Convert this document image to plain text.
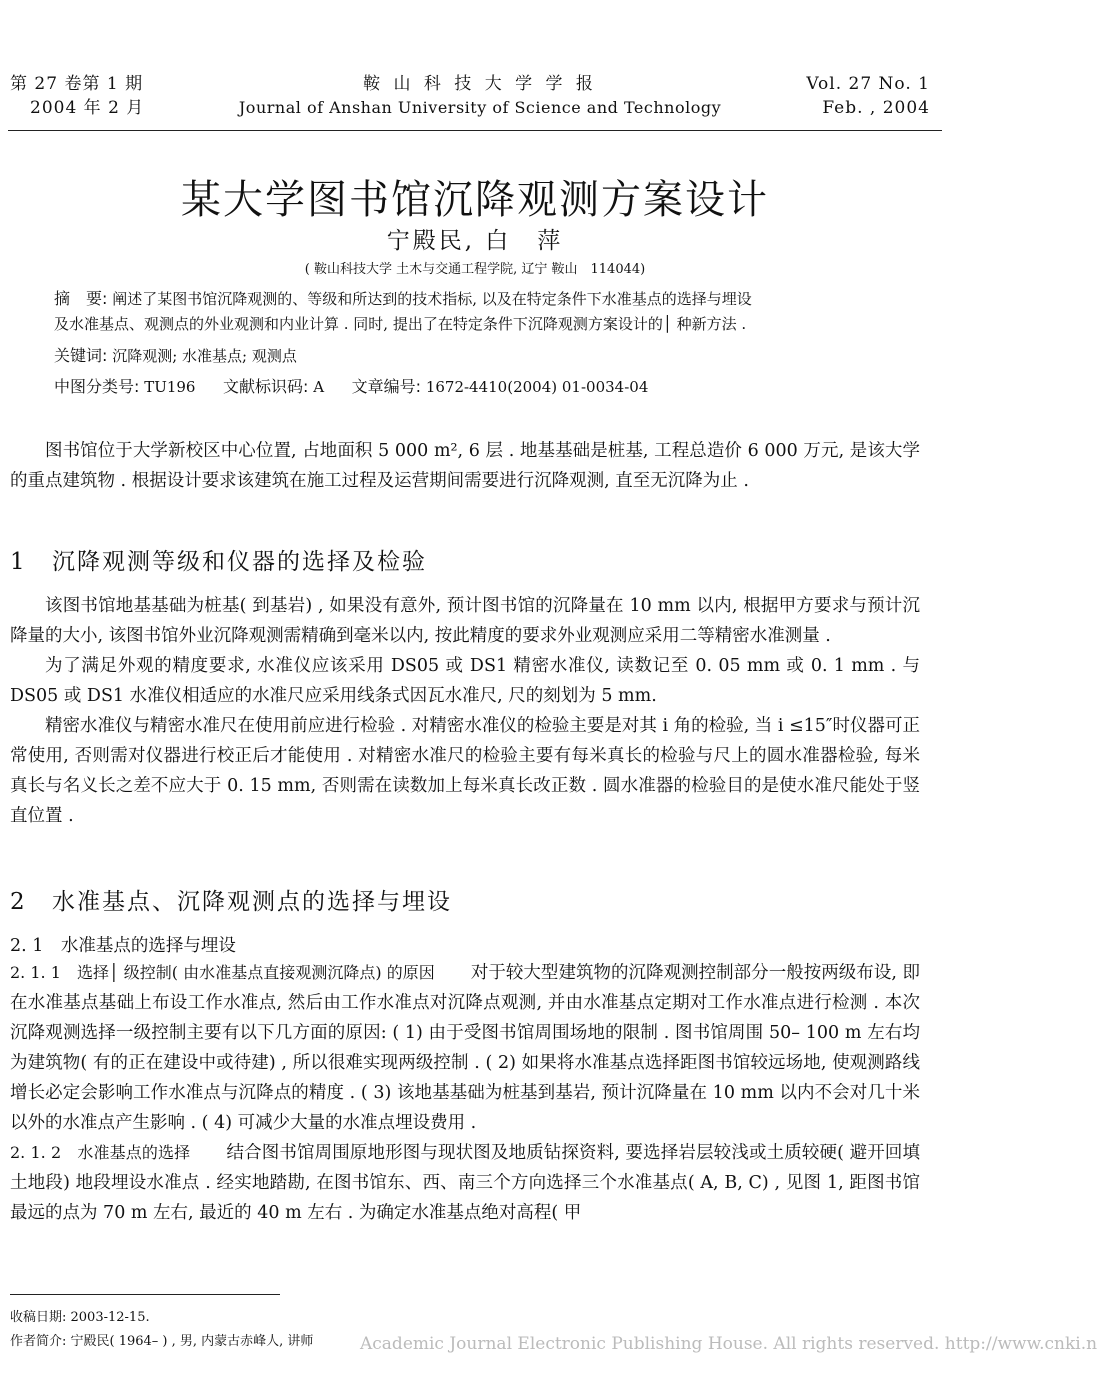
第 27 卷第 1 期
2004 年 2 月
鞍 山 科 技 大 学 学 报
Journal of Anshan University of Science and Technology
Vol. 27 No. 1
Feb. , 2004
某大学图书馆沉降观测方案设计
宁殿民, 白　萍
( 鞍山科技大学 土木与交通工程学院, 辽宁 鞍山　114044)
摘　要: 阐述了某图书馆沉降观测的、等级和所达到的技术指标, 以及在特定条件下水准基点的选择与埋设
及水准基点、观测点的外业观测和内业计算 . 同时, 提出了在特定条件下沉降观测方案设计的│ 种新方法 .
关键词: 沉降观测; 水准基点; 观测点
中图分类号: TU196 文献标识码: A 文章编号: 1672-4410(2004) 01-0034-04

图书馆位于大学新校区中心位置, 占地面积 5 000 m², 6 层 . 地基基础是桩基, 工程总造价 6 000 万元, 是该大学的重点建筑物 . 根据设计要求该建筑在施工过程及运营期间需要进行沉降观测, 直至无沉降为止 .

1 沉降观测等级和仪器的选择及检验

该图书馆地基基础为桩基( 到基岩) , 如果没有意外, 预计图书馆的沉降量在 10 mm 以内, 根据甲方要求与预计沉降量的大小, 该图书馆外业沉降观测需精确到毫米以内, 按此精度的要求外业观测应采用二等精密水准测量 .

为了满足外观的精度要求, 水准仪应该采用 DS05 或 DS1 精密水准仪, 读数记至 0. 05 mm 或 0. 1 mm . 与 DS05 或 DS1 水准仪相适应的水准尺应采用线条式因瓦水准尺, 尺的刻划为 5 mm.

精密水准仪与精密水准尺在使用前应进行检验 . 对精密水准仪的检验主要是对其 i 角的检验, 当 i ≤15″时仪器可正常使用, 否则需对仪器进行校正后才能使用 . 对精密水准尺的检验主要有每米真长的检验与尺上的圆水准器检验, 每米真长与名义长之差不应大于 0. 15 mm, 否则需在读数加上每米真长改正数 . 圆水准器的检验目的是使水准尺能处于竖直位置 .

2 水准基点、沉降观测点的选择与埋设
2. 1　水准基点的选择与埋设
2. 1. 1　选择│ 级控制( 由水准基点直接观测沉降点) 的原因 对于较大型建筑物的沉降观测控制部分一般按两级布设, 即在水准基点基础上布设工作水准点, 然后由工作水准点对沉降点观测, 并由水准基点定期对工作水准点进行检测 . 本次沉降观测选择一级控制主要有以下几方面的原因: ( 1) 由于受图书馆周围场地的限制 . 图书馆周围 50– 100 m 左右均为建筑物( 有的正在建设中或待建) , 所以很难实现两级控制 . ( 2) 如果将水准基点选择距图书馆较远场地, 使观测路线增长必定会影响工作水准点与沉降点的精度 . ( 3) 该地基基础为桩基到基岩, 预计沉降量在 10 mm 以内不会对几十米以外的水准点产生影响 . ( 4) 可减少大量的水准点埋设费用 .
2. 1. 2　水准基点的选择 结合图书馆周围原地形图与现状图及地质钻探资料, 要选择岩层较浅或土质较硬( 避开回填土地段) 地段埋设水准点 . 经实地踏勘, 在图书馆东、西、南三个方向选择三个水准基点( A, B, C) , 见图 1, 距图书馆最远的点为 70 m 左右, 最近的 40 m 左右 . 为确定水准基点绝对高程( 甲
收稿日期: 2003-12-15.
作者简介: 宁殿民( 1964– ) , 男, 内蒙古赤峰人, 讲师	Academic Journal Electronic Publishing House. All rights reserved. http://www.cnki.n
